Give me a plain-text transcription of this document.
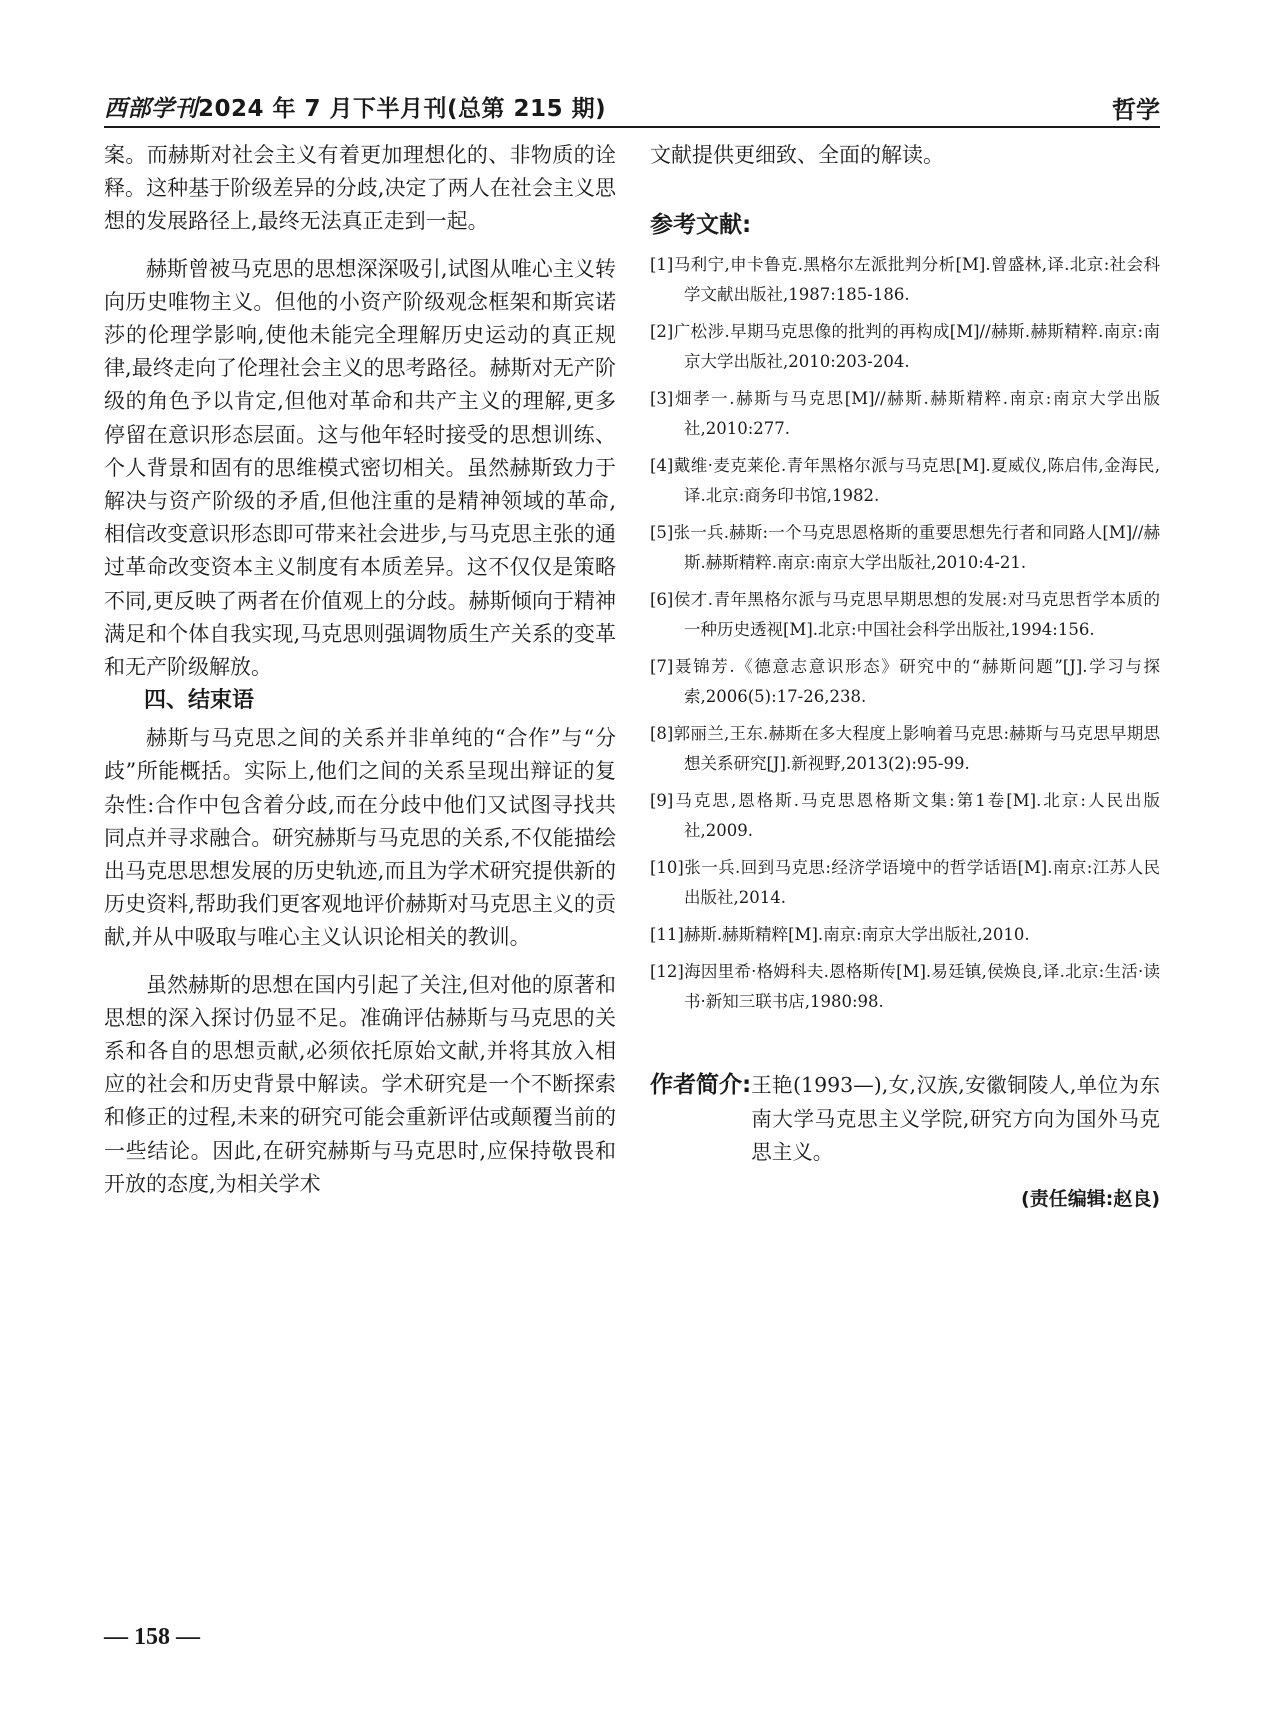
西部学刊2024 年 7 月下半月刊(总第 215 期)	哲学

案。而赫斯对社会主义有着更加理想化的、非物质的诠释。这种基于阶级差异的分歧,决定了两人在社会主义思想的发展路径上,最终无法真正走到一起。

赫斯曾被马克思的思想深深吸引,试图从唯心主义转向历史唯物主义。但他的小资产阶级观念框架和斯宾诺莎的伦理学影响,使他未能完全理解历史运动的真正规律,最终走向了伦理社会主义的思考路径。赫斯对无产阶级的角色予以肯定,但他对革命和共产主义的理解,更多停留在意识形态层面。这与他年轻时接受的思想训练、个人背景和固有的思维模式密切相关。虽然赫斯致力于解决与资产阶级的矛盾,但他注重的是精神领域的革命,相信改变意识形态即可带来社会进步,与马克思主张的通过革命改变资本主义制度有本质差异。这不仅仅是策略不同,更反映了两者在价值观上的分歧。赫斯倾向于精神满足和个体自我实现,马克思则强调物质生产关系的变革和无产阶级解放。

四、结束语

赫斯与马克思之间的关系并非单纯的“合作”与“分歧”所能概括。实际上,他们之间的关系呈现出辩证的复杂性:合作中包含着分歧,而在分歧中他们又试图寻找共同点并寻求融合。研究赫斯与马克思的关系,不仅能描绘出马克思思想发展的历史轨迹,而且为学术研究提供新的历史资料,帮助我们更客观地评价赫斯对马克思主义的贡献,并从中吸取与唯心主义认识论相关的教训。

虽然赫斯的思想在国内引起了关注,但对他的原著和思想的深入探讨仍显不足。准确评估赫斯与马克思的关系和各自的思想贡献,必须依托原始文献,并将其放入相应的社会和历史背景中解读。学术研究是一个不断探索和修正的过程,未来的研究可能会重新评估或颠覆当前的一些结论。因此,在研究赫斯与马克思时,应保持敬畏和开放的态度,为相关学术

文献提供更细致、全面的解读。

参考文献:
[1]马利宁,申卡鲁克.黑格尔左派批判分析[M].曾盛林,译.北京:社会科学文献出版社,1987:185-186.
[2]广松涉.早期马克思像的批判的再构成[M]//赫斯.赫斯精粹.南京:南京大学出版社,2010:203-204.
[3]畑孝一.赫斯与马克思[M]//赫斯.赫斯精粹.南京:南京大学出版社,2010:277.
[4]戴维·麦克莱伦.青年黑格尔派与马克思[M].夏威仪,陈启伟,金海民,译.北京:商务印书馆,1982.
[5]张一兵.赫斯:一个马克思恩格斯的重要思想先行者和同路人[M]//赫斯.赫斯精粹.南京:南京大学出版社,2010:4-21.
[6]侯才.青年黑格尔派与马克思早期思想的发展:对马克思哲学本质的一种历史透视[M].北京:中国社会科学出版社,1994:156.
[7]聂锦芳.《德意志意识形态》研究中的“赫斯问题”[J].学习与探索,2006(5):17-26,238.
[8]郭丽兰,王东.赫斯在多大程度上影响着马克思:赫斯与马克思早期思想关系研究[J].新视野,2013(2):95-99.
[9]马克思,恩格斯.马克思恩格斯文集:第1卷[M].北京:人民出版社,2009.
[10]张一兵.回到马克思:经济学语境中的哲学话语[M].南京:江苏人民出版社,2014.
[11]赫斯.赫斯精粹[M].南京:南京大学出版社,2010.
[12]海因里希·格姆科夫.恩格斯传[M].易廷镇,侯焕良,译.北京:生活·读书·新知三联书店,1980:98.
作者简介: 王艳(1993—),女,汉族,安徽铜陵人,单位为东南大学马克思主义学院,研究方向为国外马克思主义。
(责任编辑:赵良)
— 158 —
